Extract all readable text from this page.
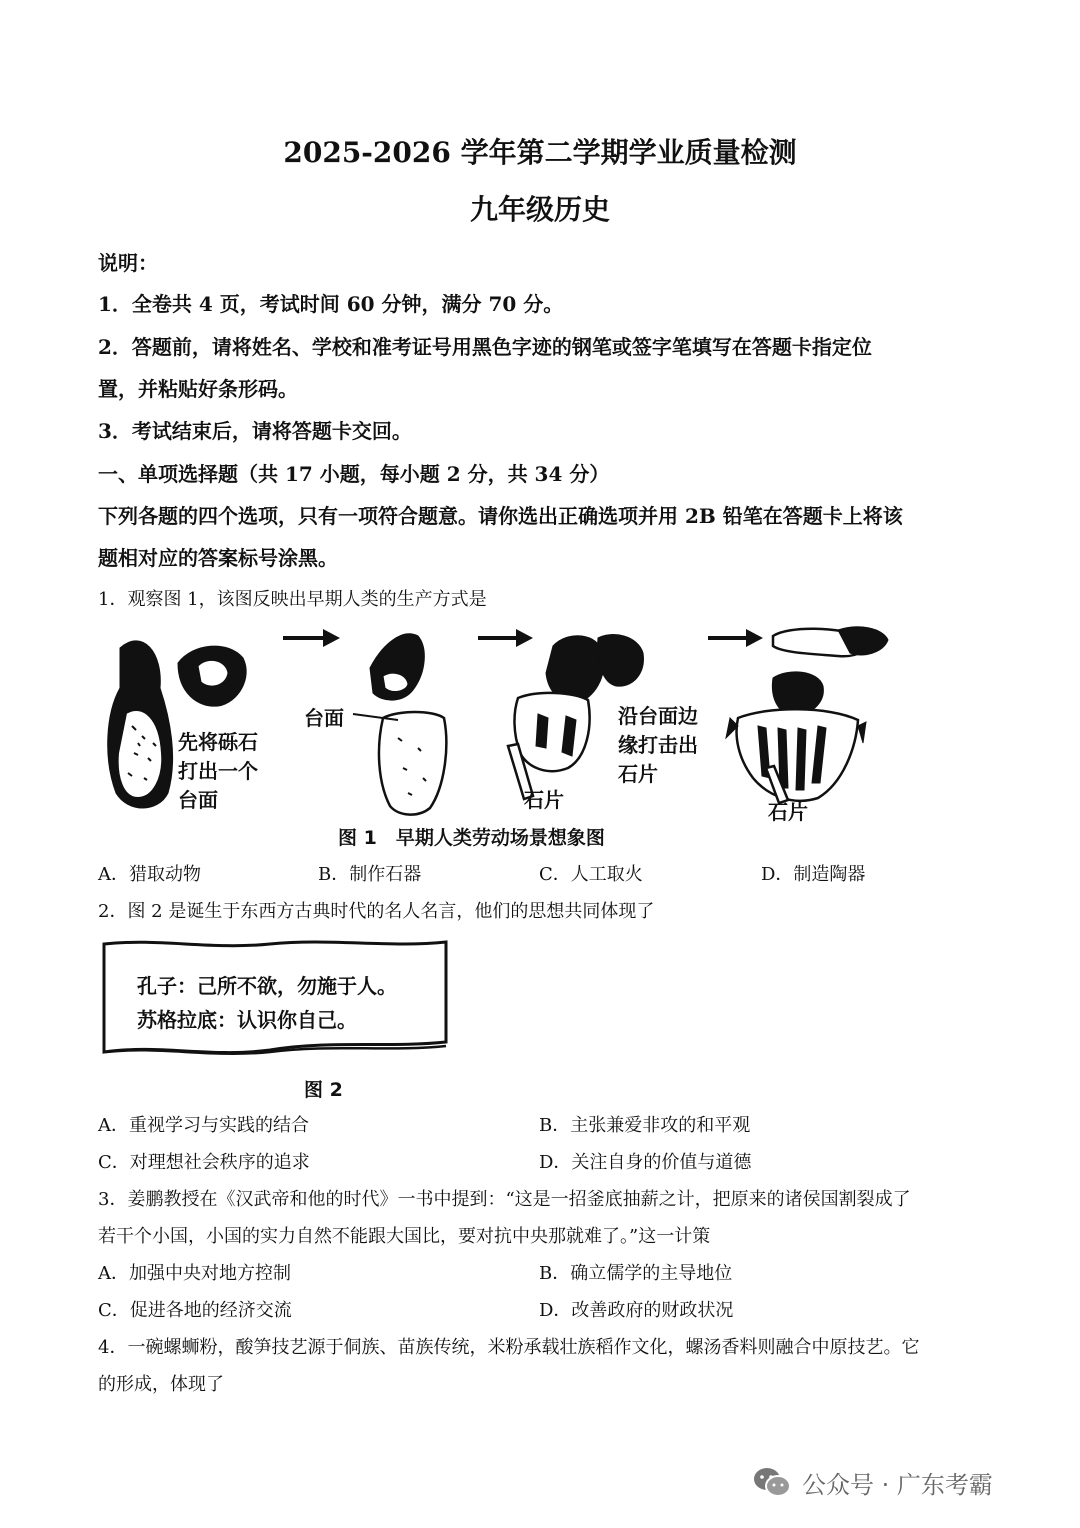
2025-2026 学年第二学期学业质量检测
九年级历史
说明：
1．全卷共 4 页，考试时间 60 分钟，满分 70 分。
2．答题前，请将姓名、学校和准考证号用黑色字迹的钢笔或签字笔填写在答题卡指定位
置，并粘贴好条形码。
3．考试结束后，请将答题卡交回。
一、单项选择题（共 17 小题，每小题 2 分，共 34 分）
下列各题的四个选项，只有一项符合题意。请你选出正确选项并用 2B 铅笔在答题卡上将该
题相对应的答案标号涂黑。
1．观察图 1，该图反映出早期人类的生产方式是
先将砾石
打出一个
台面
台面
石片
沿台面边
缘打击出
石片
石片
图 1　早期人类劳动场景想象图
A．猎取动物	B．制作石器	C．人工取火	D．制造陶器
2．图 2 是诞生于东西方古典时代的名人名言，他们的思想共同体现了
孔子：己所不欲，勿施于人。
苏格拉底：认识你自己。
图 2
A．重视学习与实践的结合	B．主张兼爱非攻的和平观
C．对理想社会秩序的追求	D．关注自身的价值与道德
3．姜鹏教授在《汉武帝和他的时代》一书中提到：“这是一招釜底抽薪之计，把原来的诸侯国割裂成了
若干个小国，小国的实力自然不能跟大国比，要对抗中央那就难了。”这一计策
A．加强中央对地方控制	B．确立儒学的主导地位
C．促进各地的经济交流	D．改善政府的财政状况
4．一碗螺蛳粉，酸笋技艺源于侗族、苗族传统，米粉承载壮族稻作文化，螺汤香料则融合中原技艺。它
的形成，体现了
公众号 · 广东考霸
